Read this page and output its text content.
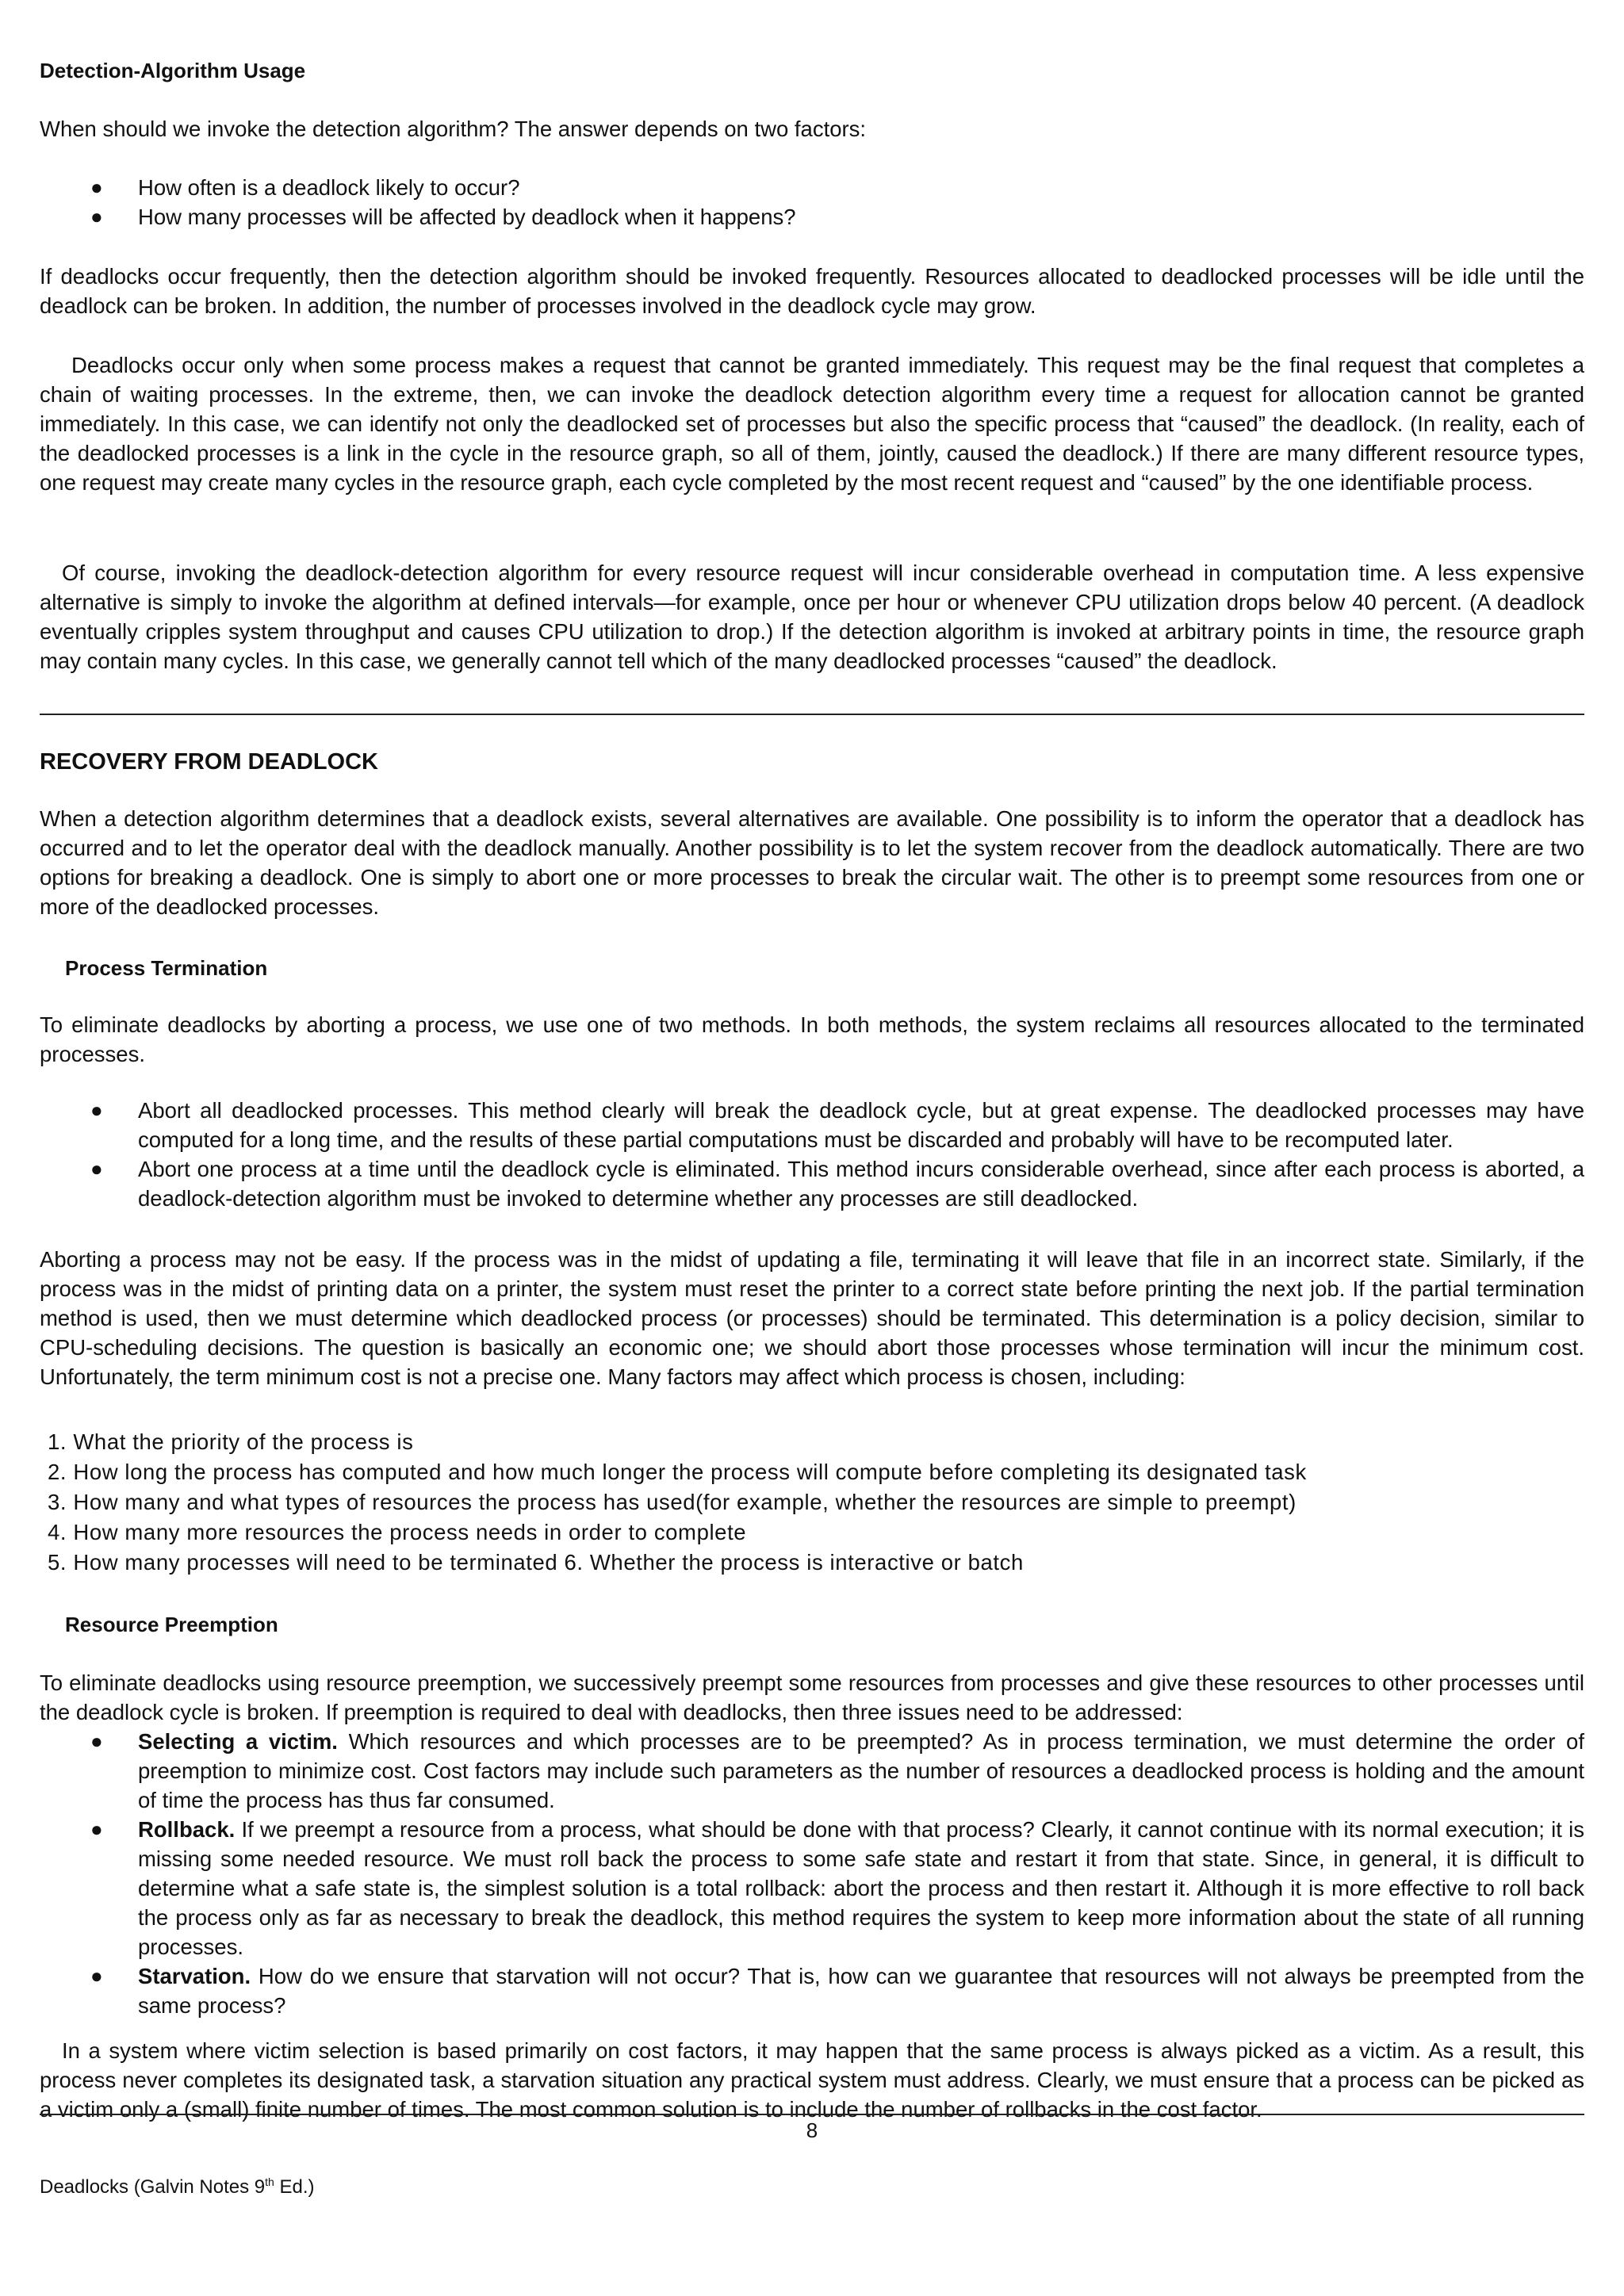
Detection-Algorithm Usage

When should we invoke the detection algorithm? The answer depends on two factors:

● How often is a deadlock likely to occur?
● How many processes will be affected by deadlock when it happens?

If deadlocks occur frequently, then the detection algorithm should be invoked frequently. Resources allocated to deadlocked processes will be idle until the deadlock can be broken. In addition, the number of processes involved in the deadlock cycle may grow.

Deadlocks occur only when some process makes a request that cannot be granted immediately. This request may be the final request that completes a chain of waiting processes. In the extreme, then, we can invoke the deadlock detection algorithm every time a request for allocation cannot be granted immediately. In this case, we can identify not only the deadlocked set of processes but also the specific process that “caused” the deadlock. (In reality, each of the deadlocked processes is a link in the cycle in the resource graph, so all of them, jointly, caused the deadlock.) If there are many different resource types, one request may create many cycles in the resource graph, each cycle completed by the most recent request and “caused” by the one identifiable process.

Of course, invoking the deadlock-detection algorithm for every resource request will incur considerable overhead in computation time. A less expensive alternative is simply to invoke the algorithm at defined intervals—for example, once per hour or whenever CPU utilization drops below 40 percent. (A deadlock eventually cripples system throughput and causes CPU utilization to drop.) If the detection algorithm is invoked at arbitrary points in time, the resource graph may contain many cycles. In this case, we generally cannot tell which of the many deadlocked processes “caused” the deadlock.

RECOVERY FROM DEADLOCK

When a detection algorithm determines that a deadlock exists, several alternatives are available. One possibility is to inform the operator that a deadlock has occurred and to let the operator deal with the deadlock manually. Another possibility is to let the system recover from the deadlock automatically. There are two options for breaking a deadlock. One is simply to abort one or more processes to break the circular wait. The other is to preempt some resources from one or more of the deadlocked processes.

Process Termination

To eliminate deadlocks by aborting a process, we use one of two methods. In both methods, the system reclaims all resources allocated to the terminated processes.

● Abort all deadlocked processes. This method clearly will break the deadlock cycle, but at great expense. The deadlocked processes may have computed for a long time, and the results of these partial computations must be discarded and probably will have to be recomputed later.
● Abort one process at a time until the deadlock cycle is eliminated. This method incurs considerable overhead, since after each process is aborted, a deadlock-detection algorithm must be invoked to determine whether any processes are still deadlocked.

Aborting a process may not be easy. If the process was in the midst of updating a file, terminating it will leave that file in an incorrect state. Similarly, if the process was in the midst of printing data on a printer, the system must reset the printer to a correct state before printing the next job. If the partial termination method is used, then we must determine which deadlocked process (or processes) should be terminated. This determination is a policy decision, similar to CPU-scheduling decisions. The question is basically an economic one; we should abort those processes whose termination will incur the minimum cost. Unfortunately, the term minimum cost is not a precise one. Many factors may affect which process is chosen, including:

1. What the priority of the process is
2. How long the process has computed and how much longer the process will compute before completing its designated task
3. How many and what types of resources the process has used(for example, whether the resources are simple to preempt)
4. How many more resources the process needs in order to complete
5. How many processes will need to be terminated 6. Whether the process is interactive or batch
Resource Preemption

To eliminate deadlocks using resource preemption, we successively preempt some resources from processes and give these resources to other processes until the deadlock cycle is broken. If preemption is required to deal with deadlocks, then three issues need to be addressed:

● Selecting a victim. Which resources and which processes are to be preempted? As in process termination, we must determine the order of preemption to minimize cost. Cost factors may include such parameters as the number of resources a deadlocked process is holding and the amount of time the process has thus far consumed.
● Rollback. If we preempt a resource from a process, what should be done with that process? Clearly, it cannot continue with its normal execution; it is missing some needed resource. We must roll back the process to some safe state and restart it from that state. Since, in general, it is difficult to determine what a safe state is, the simplest solution is a total rollback: abort the process and then restart it. Although it is more effective to roll back the process only as far as necessary to break the deadlock, this method requires the system to keep more information about the state of all running processes.
● Starvation. How do we ensure that starvation will not occur? That is, how can we guarantee that resources will not always be preempted from the same process?

In a system where victim selection is based primarily on cost factors, it may happen that the same process is always picked as a victim. As a result, this process never completes its designated task, a starvation situation any practical system must address. Clearly, we must ensure that a process can be picked as a victim only a (small) finite number of times. The most common solution is to include the number of rollbacks in the cost factor.

8
Deadlocks (Galvin Notes 9th Ed.)
